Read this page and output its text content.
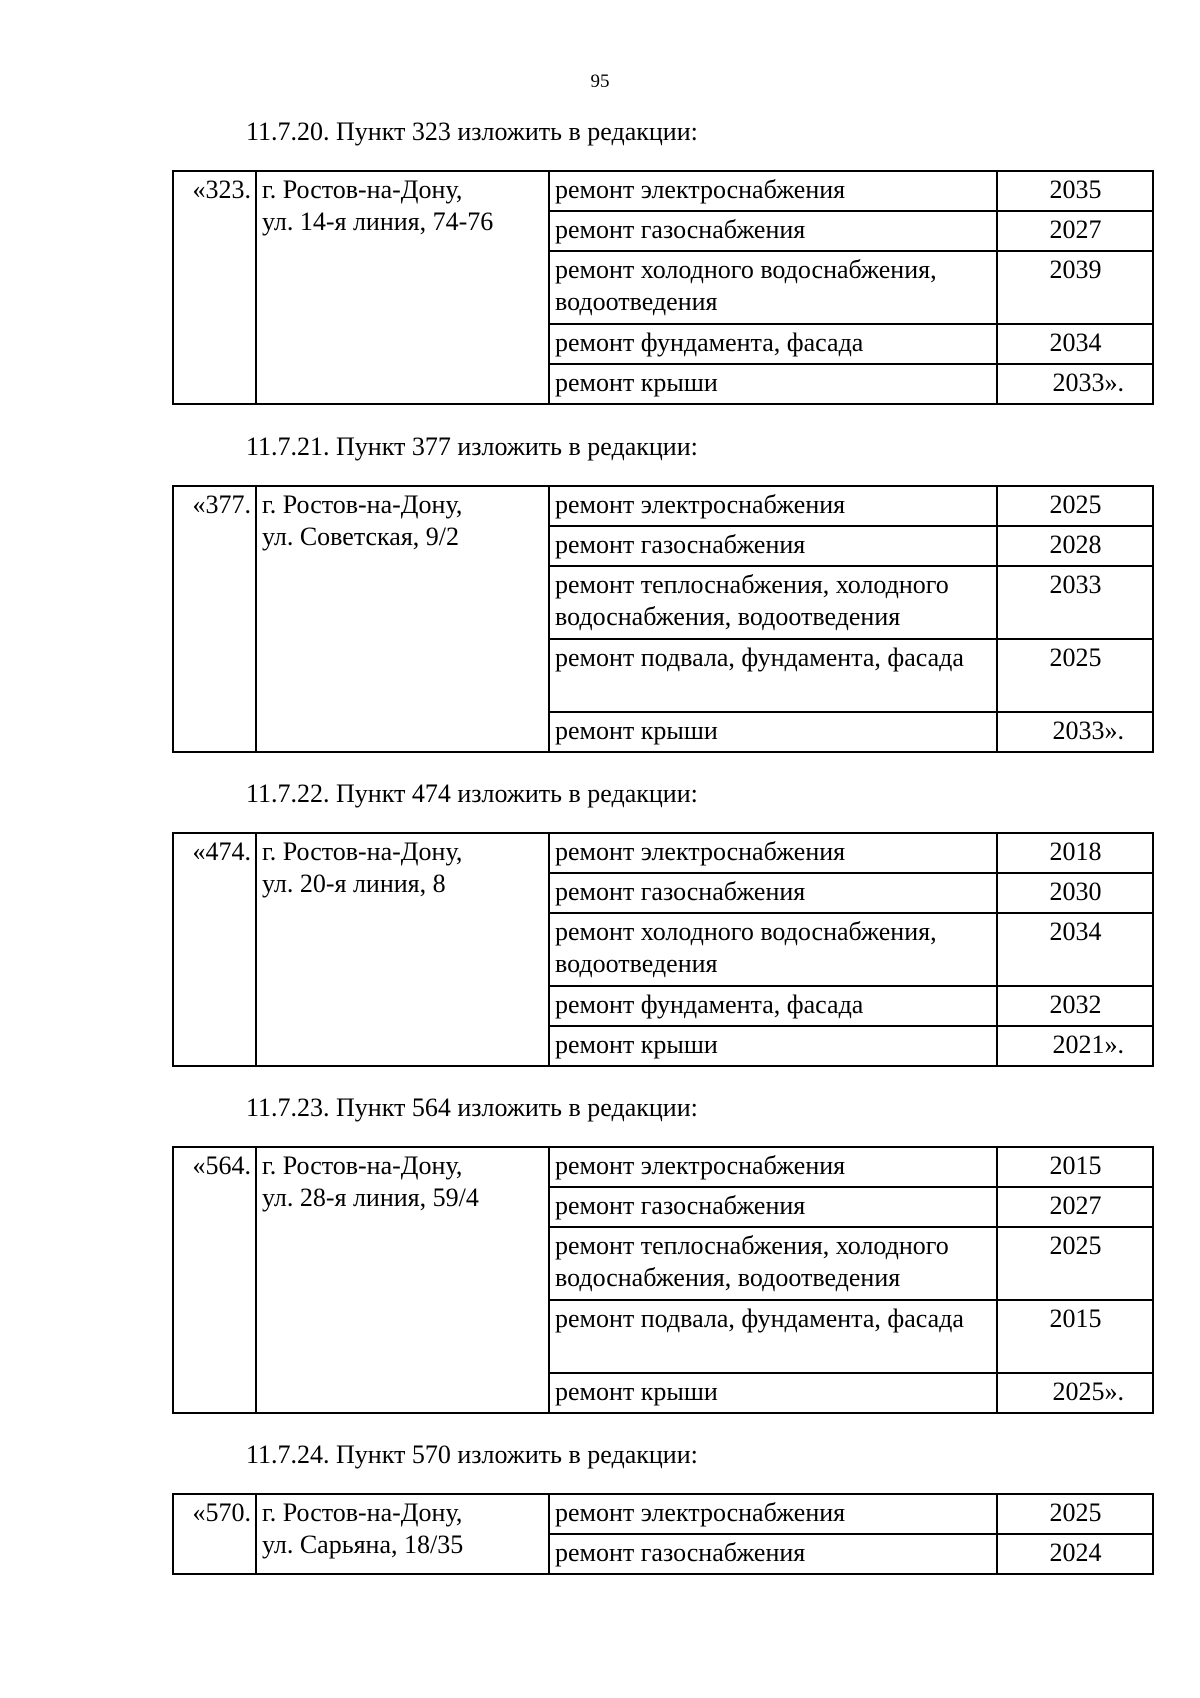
95
11.7.20. Пункт 323 изложить в редакции:
«323.	г. Ростов-на-Дону,
ул. 14-я линия, 74-76	ремонт электроснабжения	2035
		ремонт газоснабжения	2027
		ремонт холодного водоснабжения, водоотведения	2039
		ремонт фундамента, фасада	2034
		ремонт крыши	2033».
11.7.21. Пункт 377 изложить в редакции:
«377.	г. Ростов-на-Дону,
ул. Советская, 9/2	ремонт электроснабжения	2025
		ремонт газоснабжения	2028
		ремонт теплоснабжения, холодного водоснабжения, водоотведения	2033
		ремонт подвала, фундамента, фасада	2025
		ремонт крыши	2033».
11.7.22. Пункт 474 изложить в редакции:
«474.	г. Ростов-на-Дону,
ул. 20-я линия, 8	ремонт электроснабжения	2018
		ремонт газоснабжения	2030
		ремонт холодного водоснабжения, водоотведения	2034
		ремонт фундамента, фасада	2032
		ремонт крыши	2021».
11.7.23. Пункт 564 изложить в редакции:
«564.	г. Ростов-на-Дону,
ул. 28-я линия, 59/4	ремонт электроснабжения	2015
		ремонт газоснабжения	2027
		ремонт теплоснабжения, холодного водоснабжения, водоотведения	2025
		ремонт подвала, фундамента, фасада	2015
		ремонт крыши	2025».
11.7.24. Пункт 570 изложить в редакции:
«570.	г. Ростов-на-Дону,
ул. Сарьяна, 18/35	ремонт электроснабжения	2025
		ремонт газоснабжения	2024
